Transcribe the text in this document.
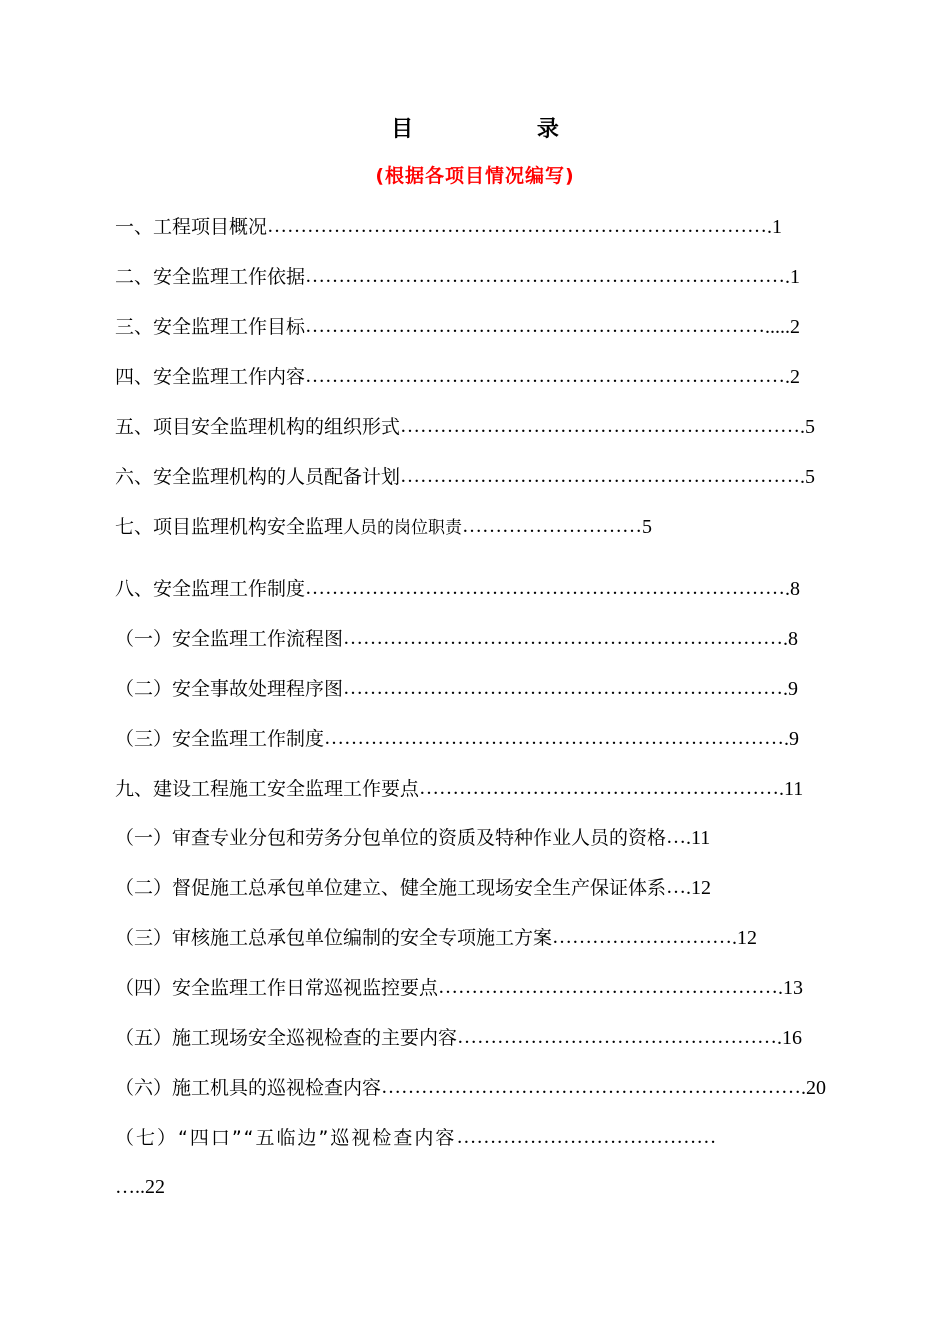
目 录
(根据各项目情况编写)
一、工程项目概况………………………………………………………………….1
二、安全监理工作依据……………………………………………………………….1
三、安全监理工作目标…………………………………………………………….....2
四、安全监理工作内容……………………………………………………………….2
五、项目安全监理机构的组织形式…………………………………………………….5
六、安全监理机构的人员配备计划…………………………………………………….5
七、项目监理机构安全监理人员的岗位职责………………………5
八、安全监理工作制度……………………………………………………………….8
（一）安全监理工作流程图………………………………………………………….8
（二）安全事故处理程序图………………………………………………………….9
（三）安全监理工作制度…………………………………………………………….9
九、建设工程施工安全监理工作要点……………………………………………….11
（一）审查专业分包和劳务分包单位的资质及特种作业人员的资格….11
（二）督促施工总承包单位建立、健全施工现场安全生产保证体系….12
（三）审核施工总承包单位编制的安全专项施工方案……………………….12
（四）安全监理工作日常巡视监控要点…………………………………………….13
（五）施工现场安全巡视检查的主要内容………………………………………….16
（六）施工机具的巡视检查内容……………………………………………………….20
（七）“四口”“五临边”巡视检查内容…………………………………
…..22
